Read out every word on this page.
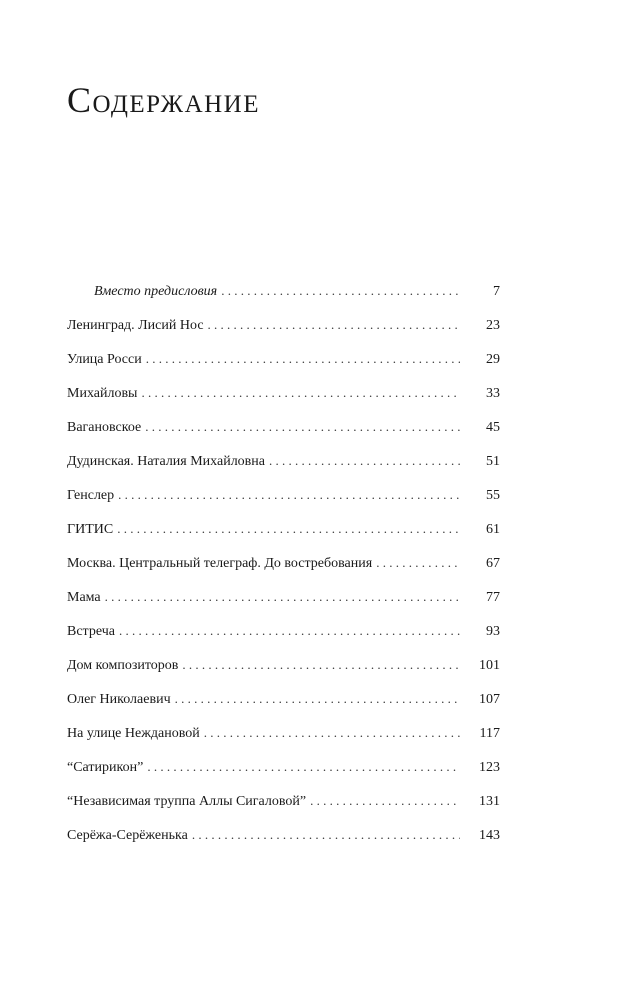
Содержание
Вместо предисловия . . .	7
Ленинград. Лисий Нос . . .	23
Улица Росси . . .	29
Михайловы . . .	33
Вагановское . . .	45
Дудинская. Наталия Михайловна . . .	51
Генслер . . .	55
ГИТИС . . .	61
Москва. Центральный телеграф. До востребования . . .	67
Мама . . .	77
Встреча . . .	93
Дом композиторов . . .	101
Олег Николаевич . . .	107
На улице Неждановой . . .	117
“Сатирикон” . . .	123
“Независимая труппа Аллы Сигаловой” . . .	131
Серёжа-Серёженька . . .	143
